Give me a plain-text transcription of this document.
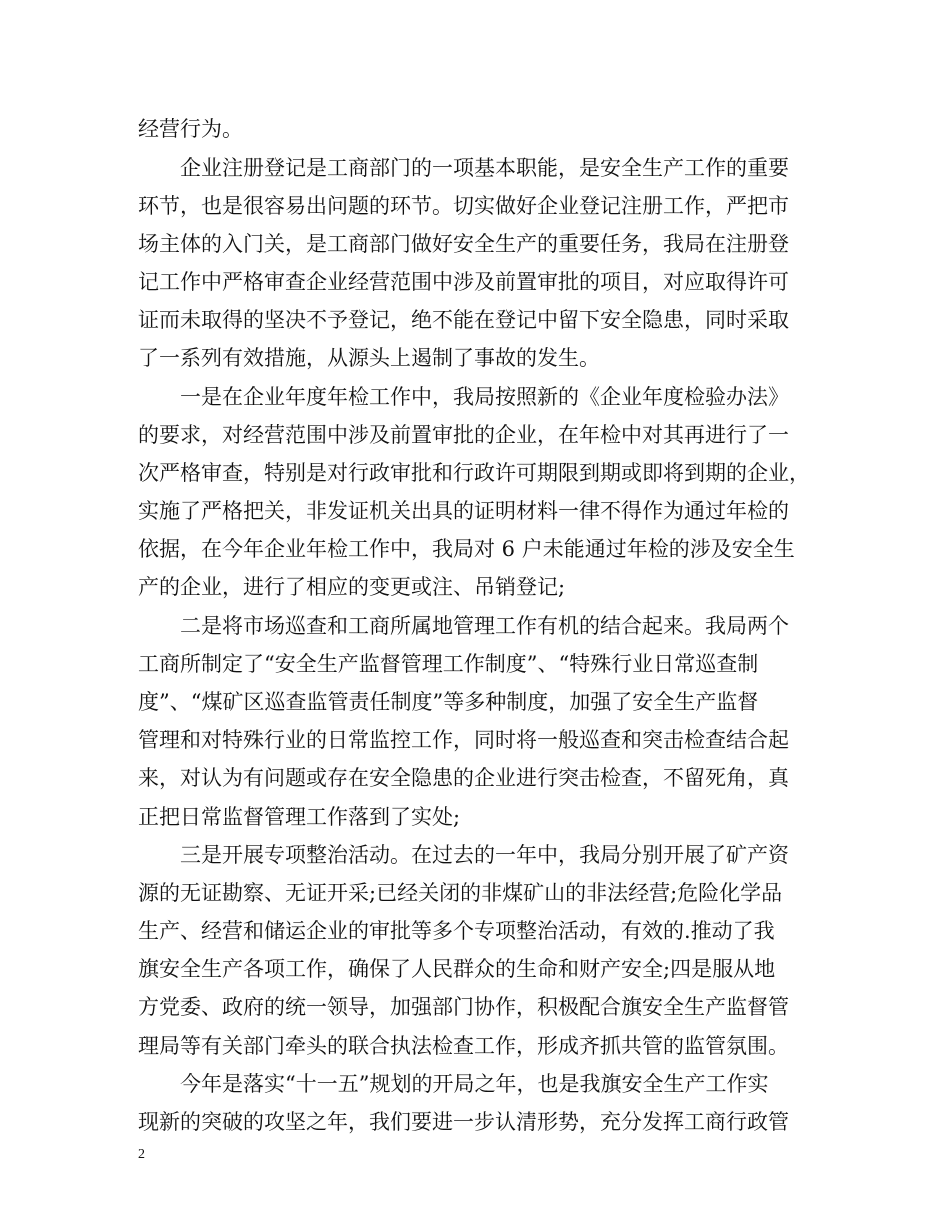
经营行为。
企业注册登记是工商部门的一项基本职能，是安全生产工作的重要
环节，也是很容易出问题的环节。切实做好企业登记注册工作，严把市
场主体的入门关，是工商部门做好安全生产的重要任务，我局在注册登
记工作中严格审查企业经营范围中涉及前置审批的项目，对应取得许可
证而未取得的坚决不予登记，绝不能在登记中留下安全隐患，同时采取
了一系列有效措施，从源头上遏制了事故的发生。
一是在企业年度年检工作中，我局按照新的《企业年度检验办法》
的要求，对经营范围中涉及前置审批的企业，在年检中对其再进行了一
次严格审查，特别是对行政审批和行政许可期限到期或即将到期的企业，
实施了严格把关，非发证机关出具的证明材料一律不得作为通过年检的
依据，在今年企业年检工作中，我局对 6 户未能通过年检的涉及安全生
产的企业，进行了相应的变更或注、吊销登记;
二是将市场巡查和工商所属地管理工作有机的结合起来。我局两个
工商所制定了“安全生产监督管理工作制度”、“特殊行业日常巡查制
度”、“煤矿区巡查监管责任制度”等多种制度，加强了安全生产监督
管理和对特殊行业的日常监控工作，同时将一般巡查和突击检查结合起
来，对认为有问题或存在安全隐患的企业进行突击检查，不留死角，真
正把日常监督管理工作落到了实处;
三是开展专项整治活动。在过去的一年中，我局分别开展了矿产资
源的无证勘察、无证开采;已经关闭的非煤矿山的非法经营;危险化学品
生产、经营和储运企业的审批等多个专项整治活动，有效的.推动了我
旗安全生产各项工作，确保了人民群众的生命和财产安全;四是服从地
方党委、政府的统一领导，加强部门协作，积极配合旗安全生产监督管
理局等有关部门牵头的联合执法检查工作，形成齐抓共管的监管氛围。
今年是落实“十一五”规划的开局之年，也是我旗安全生产工作实
现新的突破的攻坚之年，我们要进一步认清形势，充分发挥工商行政管
2
